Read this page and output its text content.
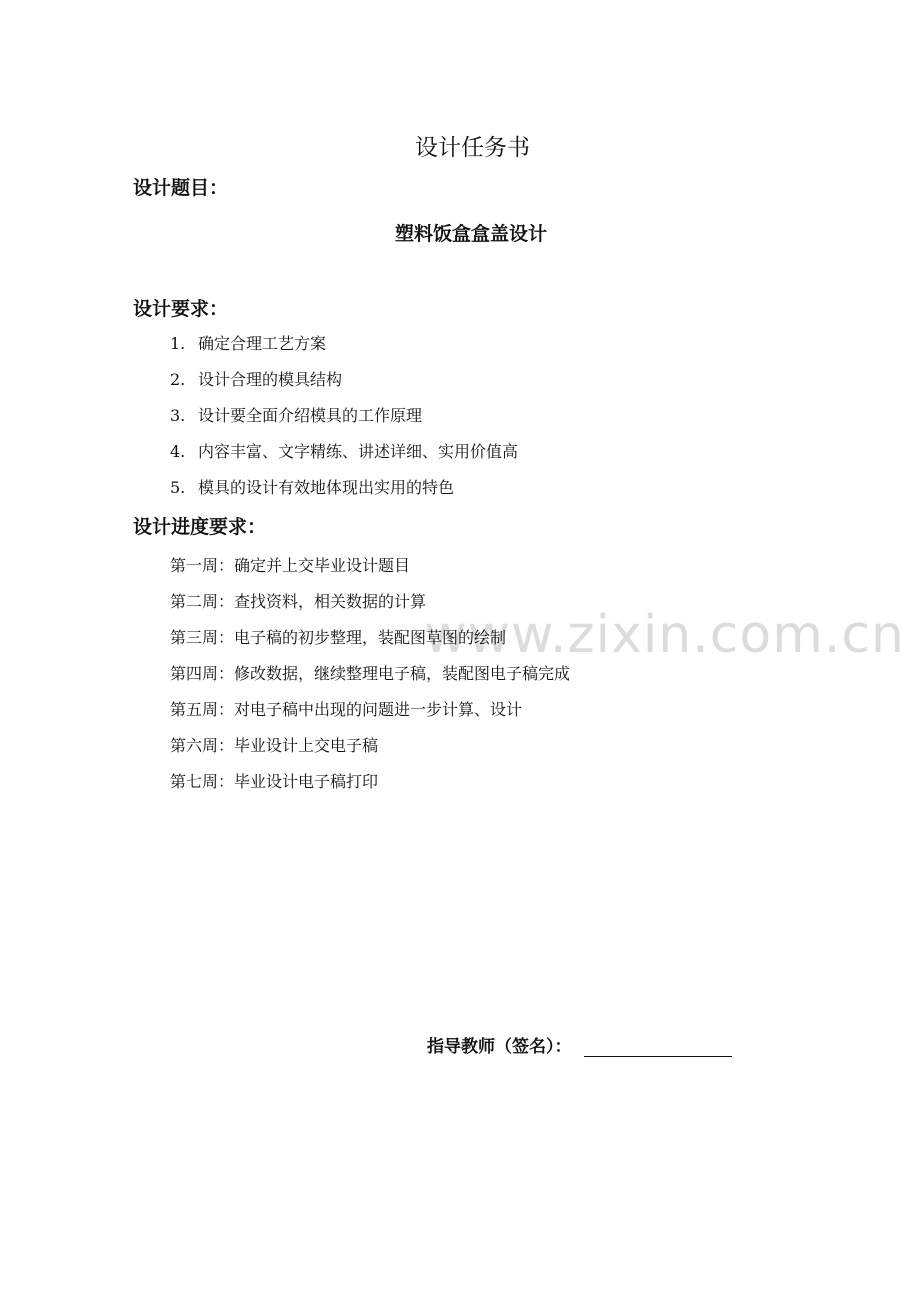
www.zixin.com.cn
设计任务书
设计题目：
塑料饭盒盒盖设计
设计要求：
1. 确定合理工艺方案
2. 设计合理的模具结构
3. 设计要全面介绍模具的工作原理
4. 内容丰富、文字精练、讲述详细、实用价值高
5. 模具的设计有效地体现出实用的特色
设计进度要求：
第一周：确定并上交毕业设计题目
第二周：查找资料，相关数据的计算
第三周：电子稿的初步整理，装配图草图的绘制
第四周：修改数据，继续整理电子稿，装配图电子稿完成
第五周：对电子稿中出现的问题进一步计算、设计
第六周：毕业设计上交电子稿
第七周：毕业设计电子稿打印
指导教师（签名）：
